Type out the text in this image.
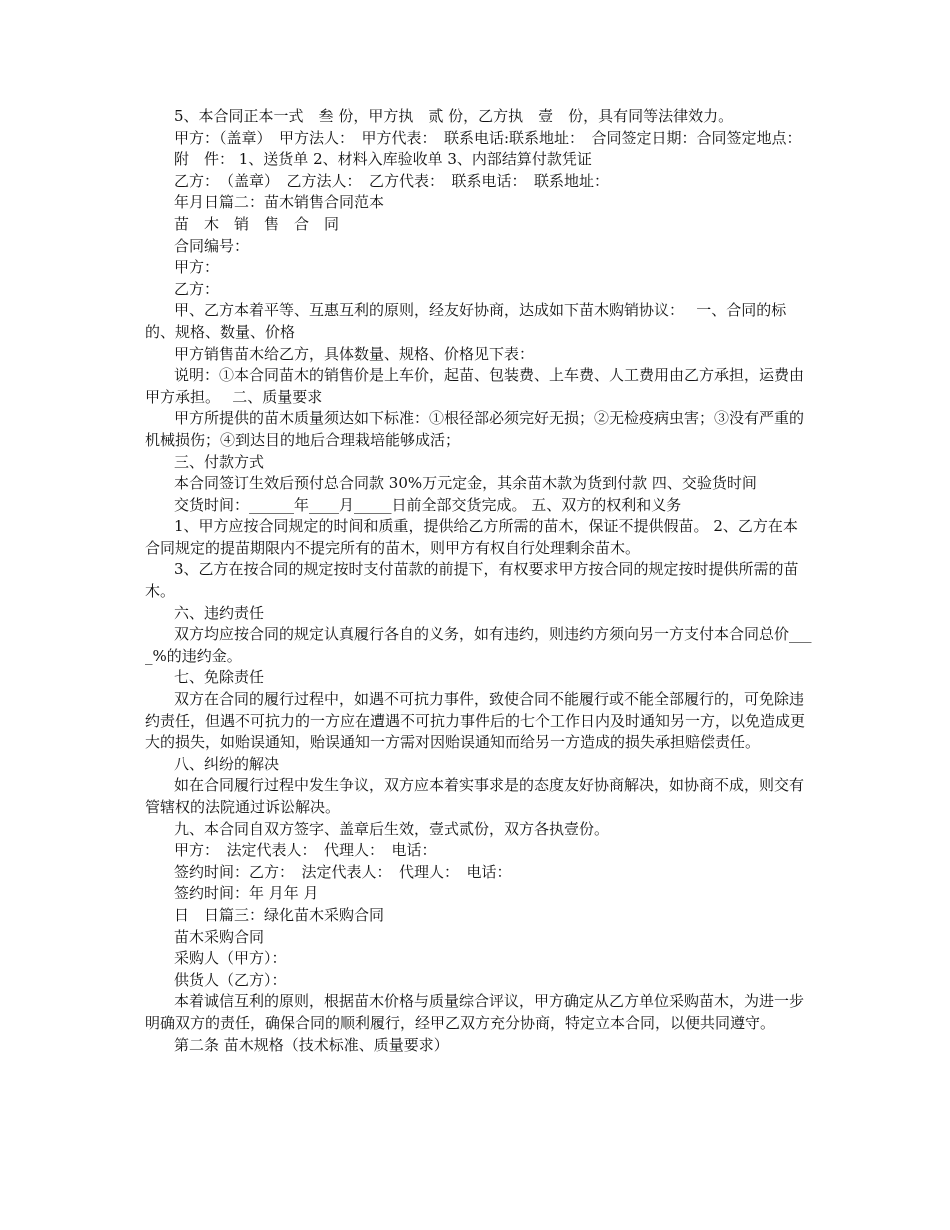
5、本合同正本一式　叁 份，甲方执　贰 份，乙方执　壹　份，具有同等法律效力。

甲方：（盖章）　甲方法人：　甲方代表：　联系电话:联系地址：　合同签定日期：合同签定地点：

附　件： 1、送货单 2、材料入库验收单 3、内部结算付款凭证

乙方：　（盖章）　乙方法人：　乙方代表：　联系电话：　联系地址：

年月日篇二：苗木销售合同范本

苗　木　销　售　合　同

合同编号：

甲方：

乙方：

甲、乙方本着平等、互惠互利的原则，经友好协商，达成如下苗木购销协议：　 一、合同的标的、规格、数量、价格

甲方销售苗木给乙方，具体数量、规格、价格见下表：

说明：①本合同苗木的销售价是上车价，起苗、包装费、上车费、人工费用由乙方承担，运费由甲方承担。　 二、质量要求

甲方所提供的苗木质量须达如下标准：①根径部必须完好无损；②无检疫病虫害；③没有严重的机械损伤；④到达目的地后合理栽培能够成活；

三、付款方式

本合同签订生效后预付总合同款 30%万元定金，其余苗木款为货到付款 四、交验货时间

交货时间：______年____月_____日前全部交货完成。 五、双方的权利和义务

1、甲方应按合同规定的时间和质重，提供给乙方所需的苗木，保证不提供假苗。 2、乙方在本合同规定的提苗期限内不提完所有的苗木，则甲方有权自行处理剩余苗木。

3、乙方在按合同的规定按时支付苗款的前提下，有权要求甲方按合同的规定按时提供所需的苗木。

六、违约责任

双方均应按合同的规定认真履行各自的义务，如有违约，则违约方须向另一方支付本合同总价____%的违约金。

七、免除责任

双方在合同的履行过程中，如遇不可抗力事件，致使合同不能履行或不能全部履行的，可免除违约责任，但遇不可抗力的一方应在遭遇不可抗力事件后的七个工作日内及时通知另一方，以免造成更大的损失，如贻误通知，贻误通知一方需对因贻误通知而给另一方造成的损失承担赔偿责任。

八、纠纷的解决

如在合同履行过程中发生争议，双方应本着实事求是的态度友好协商解决，如协商不成，则交有管辖权的法院通过诉讼解决。

九、本合同自双方签字、盖章后生效，壹式贰份，双方各执壹份。

甲方：　法定代表人：　代理人：　电话：

签约时间：乙方：　法定代表人：　代理人：　电话：

签约时间：年 月年 月

日　日篇三：绿化苗木采购合同

苗木采购合同

采购人（甲方）：

供货人（乙方）：

本着诚信互利的原则，根据苗木价格与质量综合评议，甲方确定从乙方单位采购苗木，为进一步明确双方的责任，确保合同的顺利履行，经甲乙双方充分协商，特定立本合同，以便共同遵守。

第二条 苗木规格（技术标准、质量要求）
